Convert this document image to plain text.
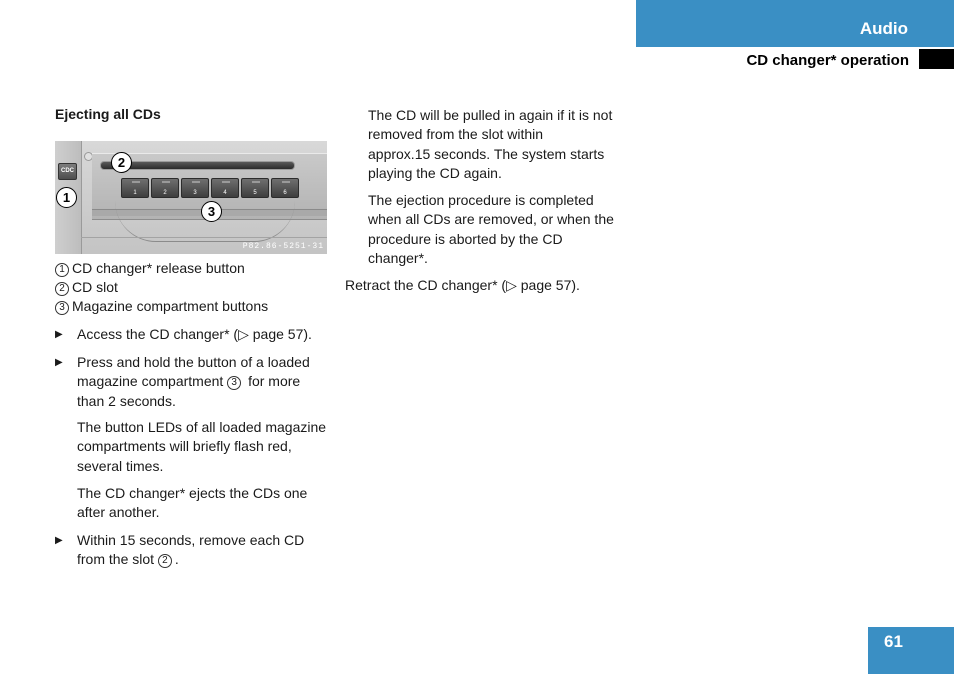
Audio
CD changer* operation
Ejecting all CDs
CDC
1	2	3	4	5	6
P82.86-5251-31
2
1
3
1 CD changer* release button
2 CD slot
3 Magazine compartment buttons
▶ Access the CD changer* (▷ page 57).
▶ Press and hold the button of a loaded
magazine compartment 3 for more
than 2 seconds.
The button LEDs of all loaded magazine
compartments will briefly flash red,
several times.
The CD changer* ejects the CDs one
after another.
▶ Within 15 seconds, remove each CD
from the slot 2 .
The CD will be pulled in again if it is not
removed from the slot within
approx.15 seconds. The system starts
playing the CD again.
The ejection procedure is completed
when all CDs are removed, or when the
procedure is aborted by the CD
changer*.
Retract the CD changer* (▷ page 57).
61
